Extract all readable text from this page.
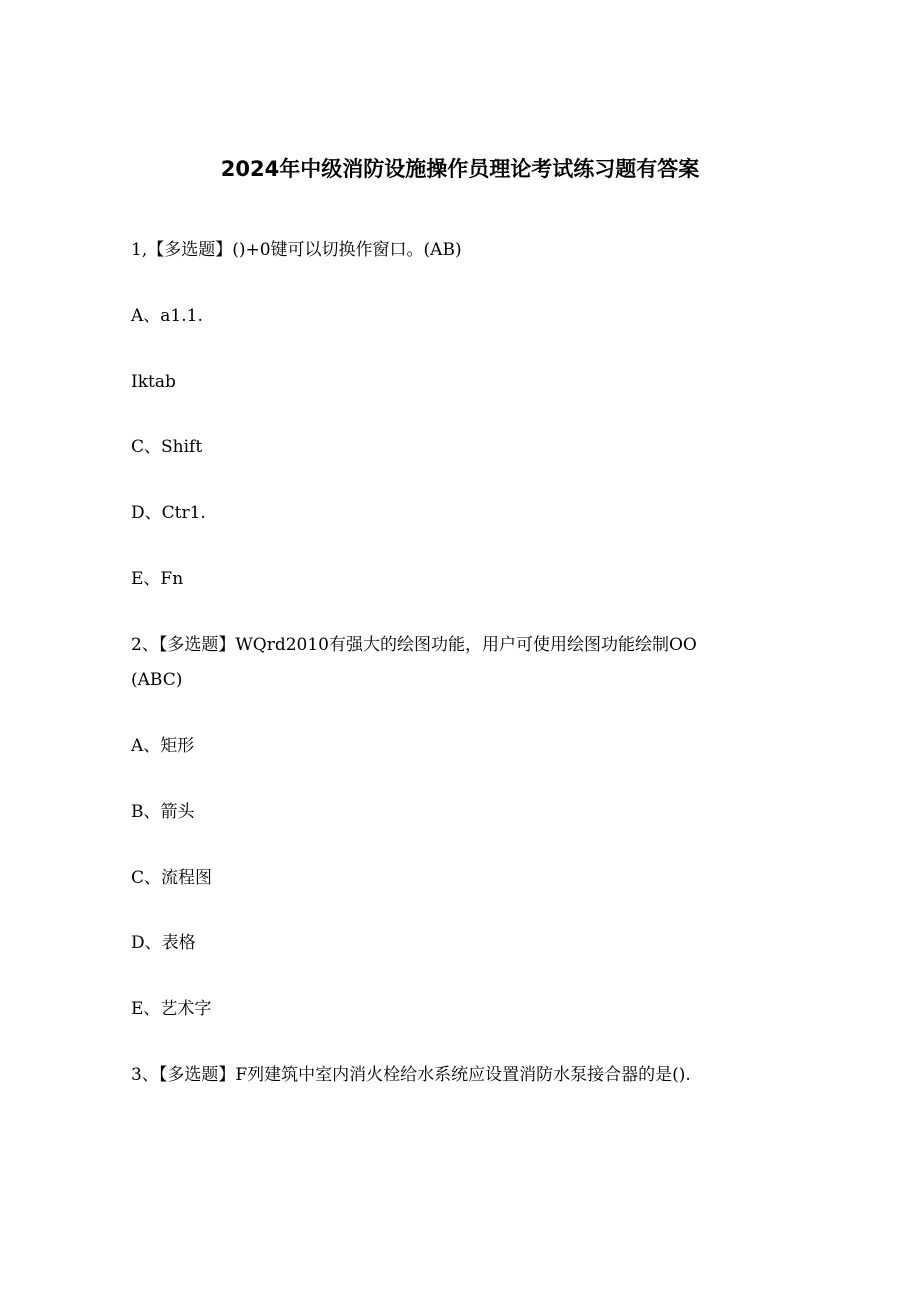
2024年中级消防设施操作员理论考试练习题有答案
1,【多选题】()+0键可以切换作窗口。(AB)
A、a1.1.
Iktab
C、Shift
D、Ctr1.
E、Fn
2、【多选题】WQrd2010有强大的绘图功能，用户可使用绘图功能绘制OO
(ABC)
A、矩形
B、箭头
C、流程图
D、表格
E、艺术字
3、【多选题】F列建筑中室内消火栓给水系统应设置消防水泵接合器的是().
